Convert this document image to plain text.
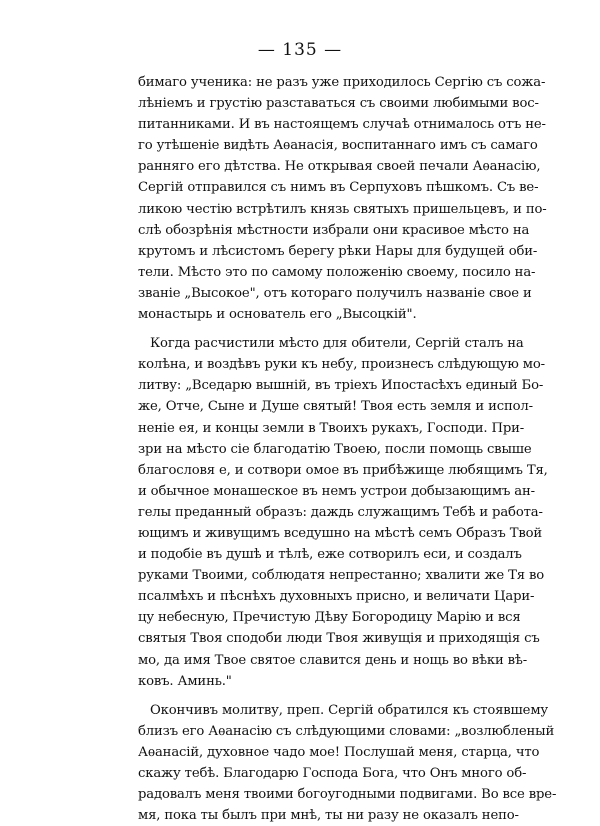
— 135 —
бимаго ученика: не разъ уже приходилось Сергію съ сожа-
лѣніемъ и грустію разставаться съ своими любимыми вос-
питанниками. И въ настоящемъ случаѣ отнималось отъ не-
го утѣшеніе видѣть Аѳанасія, воспитаннаго имъ съ самаго
ранняго его дѣтства. Не открывая своей печали Аѳанасію,
Сергій отправился съ нимъ въ Серпуховъ пѣшкомъ. Съ ве-
ликою честію встрѣтилъ князь святыхъ пришельцевъ, и по-
слѣ обозрѣнія мѣстности избрали они красивое мѣсто на
крутомъ и лѣсистомъ берегу рѣки Нары для будущей оби-
тели. Мѣсто это по самому положенію своему, посило на-
званіе „Высокое", отъ котораго получилъ названіе свое и
монастырь и основатель его „Высоцкій".
Когда расчистили мѣсто для обители, Сергій сталъ на
колѣна, и воздѣвъ руки къ небу, произнесъ слѣдующую мо-
литву: „Вседарю вышній, въ трiехъ Ипостасѣхъ единый Бо-
же, Отче, Сыне и Душе святый! Твоя есть земля и испол-
неніе ея, и концы земли в Твоихъ рукахъ, Господи. При-
зри на мѣсто сіе благодатію Твоею, посли помощь свыше
благословя е, и сотвори омое въ прибѣжище любящимъ Тя,
и обычное монашеское въ немъ устрои добызающимъ ан-
гелы преданный образъ: даждь служащимъ Тебѣ и работа-
ющимъ и живущимъ вседушно на мѣстѣ семъ Образъ Твой
и подобіе въ душѣ и тѣлѣ, еже сотворилъ еси, и создалъ
руками Твоими, соблюдатя непрестанно; хвалити же Тя во
псалмѣхъ и пѣснѣхъ духовныхъ присно, и величати Цари-
цу небесную, Пречистую Дѣву Богородицу Марію и вся
святыя Твоя сподоби люди Твоя живущія и приходящія съ
мо, да имя Твое святое славится день и нощь во вѣки вѣ-
ковъ. Аминь."
Окончивъ молитву, преп. Сергій обратился къ стоявшему
близъ его Аѳанасію съ слѣдующими словами: „возлюбленый
Аѳанасій, духовное чадо мое! Послушай меня, старца, что
скажу тебѣ. Благодарю Господа Бога, что Онъ много об-
радовалъ меня твоими богоугодными подвигами. Во все вре-
мя, пока ты былъ при мнѣ, ты ни разу не оказалъ непо-
